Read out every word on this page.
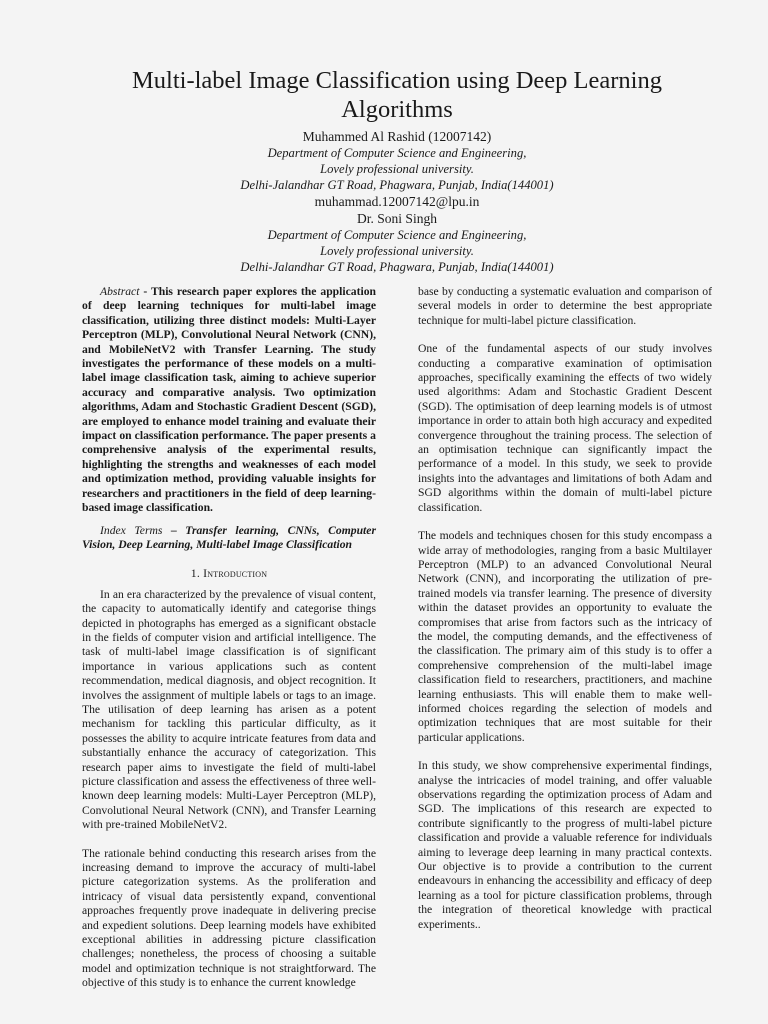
Multi-label Image Classification using Deep Learning Algorithms
Muhammed Al Rashid (12007142)
Department of Computer Science and Engineering,
Lovely professional university.
Delhi-Jalandhar GT Road, Phagwara, Punjab, India(144001)
muhammad.12007142@lpu.in
Dr. Soni Singh
Department of Computer Science and Engineering,
Lovely professional university.
Delhi-Jalandhar GT Road, Phagwara, Punjab, India(144001)

Abstract - This research paper explores the application of deep learning techniques for multi-label image classification, utilizing three distinct models: Multi-Layer Perceptron (MLP), Convolutional Neural Network (CNN), and MobileNetV2 with Transfer Learning. The study investigates the performance of these models on a multi-label image classification task, aiming to achieve superior accuracy and comparative analysis. Two optimization algorithms, Adam and Stochastic Gradient Descent (SGD), are employed to enhance model training and evaluate their impact on classification performance. The paper presents a comprehensive analysis of the experimental results, highlighting the strengths and weaknesses of each model and optimization method, providing valuable insights for researchers and practitioners in the field of deep learning-based image classification.

Index Terms – Transfer learning, CNNs, Computer Vision, Deep Learning, Multi-label Image Classification

1. Introduction

In an era characterized by the prevalence of visual content, the capacity to automatically identify and categorise things depicted in photographs has emerged as a significant obstacle in the fields of computer vision and artificial intelligence. The task of multi-label image classification is of significant importance in various applications such as content recommendation, medical diagnosis, and object recognition. It involves the assignment of multiple labels or tags to an image. The utilisation of deep learning has arisen as a potent mechanism for tackling this particular difficulty, as it possesses the ability to acquire intricate features from data and substantially enhance the accuracy of categorization. This research paper aims to investigate the field of multi-label picture classification and assess the effectiveness of three well-known deep learning models: Multi-Layer Perceptron (MLP), Convolutional Neural Network (CNN), and Transfer Learning with pre-trained MobileNetV2.

The rationale behind conducting this research arises from the increasing demand to improve the accuracy of multi-label picture categorization systems. As the proliferation and intricacy of visual data persistently expand, conventional approaches frequently prove inadequate in delivering precise and expedient solutions. Deep learning models have exhibited exceptional abilities in addressing picture classification challenges; nonetheless, the process of choosing a suitable model and optimization technique is not straightforward. The objective of this study is to enhance the current knowledge

base by conducting a systematic evaluation and comparison of several models in order to determine the best appropriate technique for multi-label picture classification.

One of the fundamental aspects of our study involves conducting a comparative examination of optimisation approaches, specifically examining the effects of two widely used algorithms: Adam and Stochastic Gradient Descent (SGD). The optimisation of deep learning models is of utmost importance in order to attain both high accuracy and expedited convergence throughout the training process. The selection of an optimisation technique can significantly impact the performance of a model. In this study, we seek to provide insights into the advantages and limitations of both Adam and SGD algorithms within the domain of multi-label picture classification.

The models and techniques chosen for this study encompass a wide array of methodologies, ranging from a basic Multilayer Perceptron (MLP) to an advanced Convolutional Neural Network (CNN), and incorporating the utilization of pre-trained models via transfer learning. The presence of diversity within the dataset provides an opportunity to evaluate the compromises that arise from factors such as the intricacy of the model, the computing demands, and the effectiveness of the classification. The primary aim of this study is to offer a comprehensive comprehension of the multi-label image classification field to researchers, practitioners, and machine learning enthusiasts. This will enable them to make well-informed choices regarding the selection of models and optimization techniques that are most suitable for their particular applications.

In this study, we show comprehensive experimental findings, analyse the intricacies of model training, and offer valuable observations regarding the optimization process of Adam and SGD. The implications of this research are expected to contribute significantly to the progress of multi-label picture classification and provide a valuable reference for individuals aiming to leverage deep learning in many practical contexts. Our objective is to provide a contribution to the current endeavours in enhancing the accessibility and efficacy of deep learning as a tool for picture classification problems, through the integration of theoretical knowledge with practical experiments..
